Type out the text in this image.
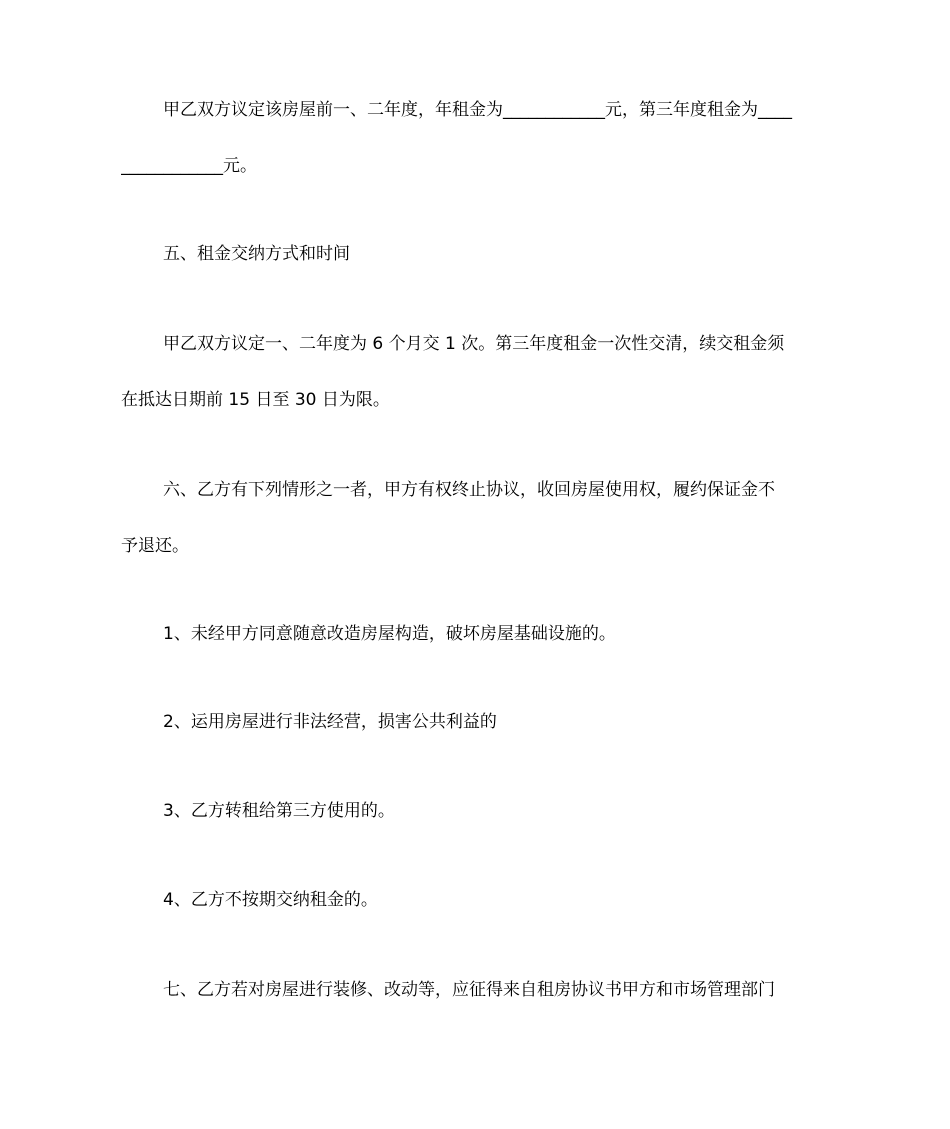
甲乙双方议定该房屋前一、二年度，年租金为____________元，第三年度租金为____
____________元。
五、租金交纳方式和时间
甲乙双方议定一、二年度为 6 个月交 1 次。第三年度租金一次性交清，续交租金须
在抵达日期前 15 日至 30 日为限。
六、乙方有下列情形之一者，甲方有权终止协议，收回房屋使用权，履约保证金不
予退还。
1、未经甲方同意随意改造房屋构造，破坏房屋基础设施的。
2、运用房屋进行非法经营，损害公共利益的
3、乙方转租给第三方使用的。
4、乙方不按期交纳租金的。
七、乙方若对房屋进行装修、改动等，应征得来自租房协议书甲方和市场管理部门
